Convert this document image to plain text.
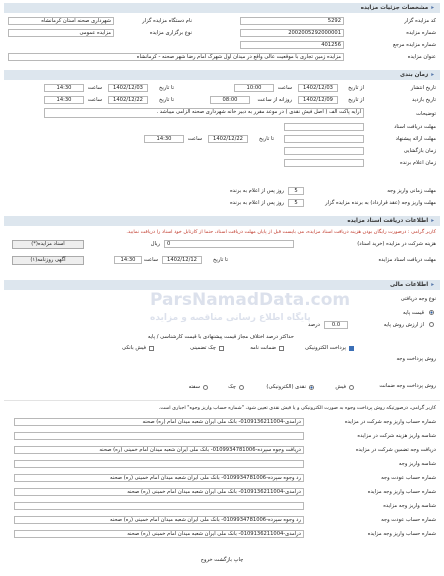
▸ مشخصات جزئیات مزایده
کد مزایده گزار
5292
نام دستگاه مزایده گزار
شهرداری صحنه استان کرمانشاه
شماره مزایده
2002005292000001
نوع برگزاری مزایده
مزایده عمومی
شماره مزایده مرجع
401256
عنوان مزایده
مزایده زمین تجاری با موقعیت عالی واقع در میدان اول شهرک امام رضا شهر صحنه - کرمانشاه
▸ زمان بندی
تاریخ انتشار
از تاریخ
1402/12/03
ساعت
10:00
تا تاریخ
1402/12/03
ساعت
14:30
تاریخ بازدید
از تاریخ
1402/12/09
روزانه از ساعت
08:00
تا تاریخ
1402/12/22
ساعت
14:30
توضیحات
ارایه پاکت الف ( اصل فیش نقدی ) در موعد مقرر به دبیر خانه شهرداری صحنه الزامی میباشد .
مهلت دریافت اسناد
مهلت ارائه پیشنهاد
تا تاریخ
1402/12/22
ساعت
14:30
زمان بازگشایی
زمان اعلام برنده
مهلت زمانی واریز وجه
5
روز پس از اعلام به برنده
مهلت واریز وجه (عقد قرارداد) به برنده مزایده گزار
5
روز پس از اعلام به برنده
▸ اطلاعات دریافت اسناد مزایده
کاربر گرامی : درصورت رایگان بودن هزینه دریافت اسناد مزایده، می بایست قبل از پایان مهلت دریافت اسناد، حتما از کارتابل خود اسناد را دریافت نمایید.
هزینه شرکت در مزایده (خرید اسناد)
0
ریال
اسناد مزایده(*)
مهلت دریافت اسناد مزایده
تا تاریخ
1402/12/12
ساعت
14:30
آگهی روزنامه(۱)
▸ اطلاعات مالی
نوع وجه دریافتی
قیمت پایه
از ارزش روش پایه
0.0
درصد
حداکثر درصد اختلاف مجاز قیمت پیشنهادی با قیمت کارشناسی / پایه
روش پرداخت وجه
پرداخت الکترونیکی
ضمانت نامه
چک تضمینی
فیش بانکی
روش پرداخت وجه ضمانت
فیش
نقدی (الکترونیکی)
چک
سفته
کاربر گرامی، درصورتیکه روش پرداخت وجوه به صورت الکترونیکی و یا فیش نقدی تعیین شود، "شماره حساب واریز وجوه" اجباری است.
شماره حساب واریز وجه شرکت در مزایده
درآمدی-0109136211004- بانک ملی ایران شعبه میدان امام (ره) صحنه
شناسه واریز هزینه شرکت در مزایده
دریافت وجه تضمین شرکت در مزایده
دریافت وجوه سپرده-0109934781006- بانک ملی ایران شعبه میدان امام خمینی (ره) صحنه
شناسه واریز وجه
شماره حساب عودت وجه
رد وجوه سپرده-0109934781006- بانک ملی ایران شعبه میدان امام خمینی (ره) صحنه
شماره حساب واریز وجه مزایده
درآمدی-0109136211004- بانک ملی ایران شعبه میدان امام خمینی (ره) صحنه
شناسه واریز وجه مزایده
شماره حساب عودت وجه
رد وجوه سپرده-0109934781006- بانک ملی ایران شعبه میدان امام خمینی (ره) صحنه
شماره حساب واریز وجه مزایده
درآمدی-0109136211004- بانک ملی ایران شعبه میدان امام خمینی (ره) صحنه
چاپ بازگشت خروج
ParsNamadData.com
پایگاه اطلاع رسانی مناقصه و مزایده
